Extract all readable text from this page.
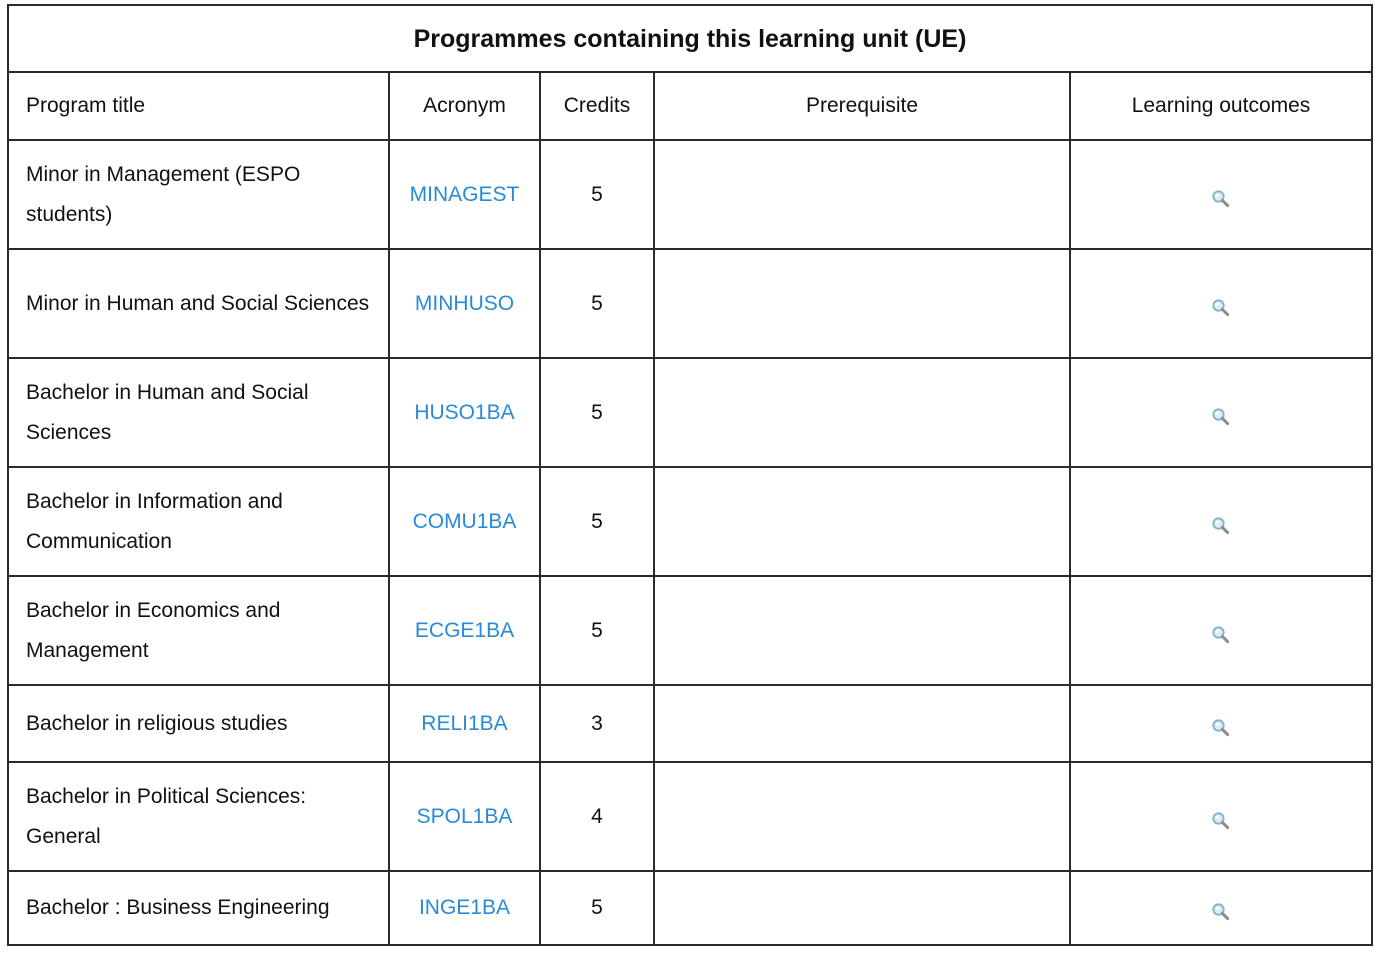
Programmes containing this learning unit (UE)				
Program title	Acronym	Credits	Prerequisite	Learning outcomes
Minor in Management (ESPO students)	MINAGEST	5		
Minor in Human and Social Sciences	MINHUSO	5		
Bachelor in Human and Social Sciences	HUSO1BA	5		
Bachelor in Information and Communication	COMU1BA	5		
Bachelor in Economics and Management	ECGE1BA	5		
Bachelor in religious studies	RELI1BA	3		
Bachelor in Political Sciences: General	SPOL1BA	4		
Bachelor : Business Engineering	INGE1BA	5		
